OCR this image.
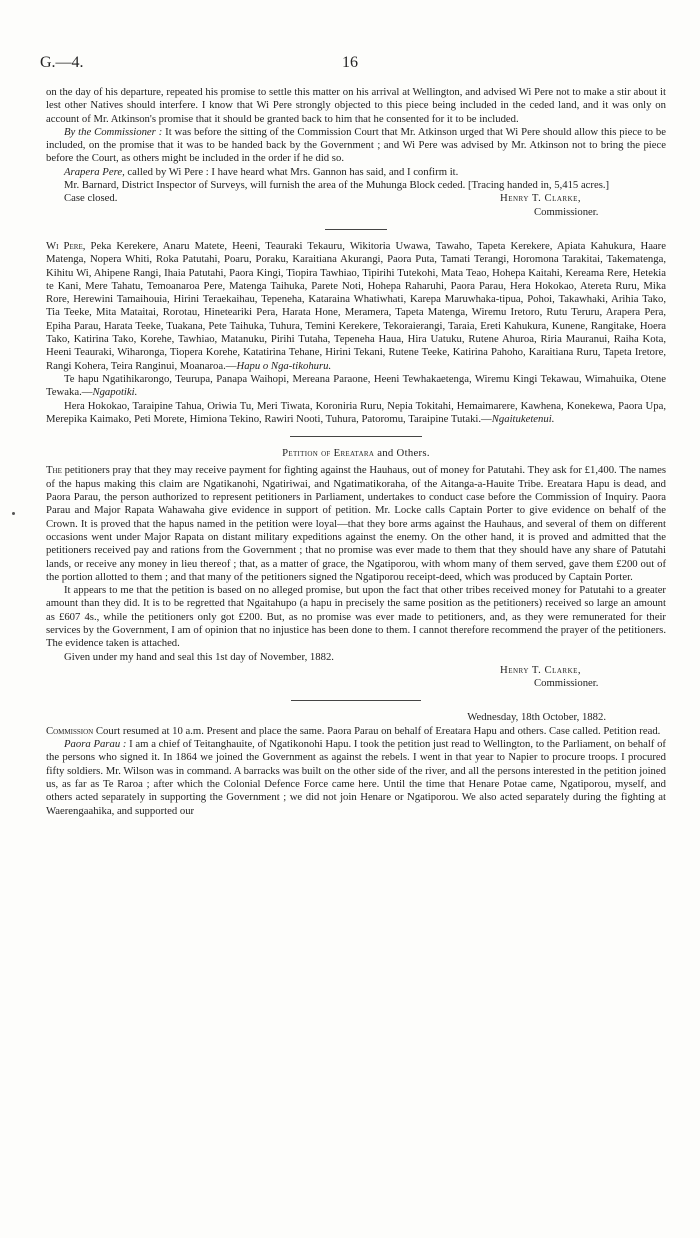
G.—4.	16

on the day of his departure, repeated his promise to settle this matter on his arrival at Wellington, and advised Wi Pere not to make a stir about it lest other Natives should interfere. I know that Wi Pere strongly objected to this piece being included in the ceded land, and it was only on account of Mr. Atkinson's promise that it should be granted back to him that he consented for it to be included.

By the Commissioner : It was before the sitting of the Commission Court that Mr. Atkinson urged that Wi Pere should allow this piece to be included, on the promise that it was to be handed back by the Government ; and Wi Pere was advised by Mr. Atkinson not to bring the piece before the Court, as others might be included in the order if he did so.

Arapera Pere, called by Wi Pere : I have heard what Mrs. Gannon has said, and I confirm it.

Mr. Barnard, District Inspector of Surveys, will furnish the area of the Muhunga Block ceded. [Tracing handed in, 5,415 acres.]

Case closed.	Henry T. Clarke,
Commissioner.

Wi Pere, Peka Kerekere, Anaru Matete, Heeni, Teauraki Tekauru, Wikitoria Uwawa, Tawaho, Tapeta Kerekere, Apiata Kahukura, Haare Matenga, Nopera Whiti, Roka Patutahi, Poaru, Poraku, Karaitiana Akurangi, Paora Puta, Tamati Terangi, Horomona Tarakitai, Takematenga, Kihitu Wi, Ahipene Rangi, Ihaia Patutahi, Paora Kingi, Tiopira Tawhiao, Tipirihi Tutekohi, Mata Teao, Hohepa Kaitahi, Kereama Rere, Hetekia te Kani, Mere Tahatu, Temoanaroa Pere, Matenga Taihuka, Parete Noti, Hohepa Raharuhi, Paora Parau, Hera Hokokao, Atereta Ruru, Mika Rore, Herewini Tamaihouia, Hirini Teraekaihau, Tepeneha, Kataraina Whatiwhati, Karepa Maruwhaka-tipua, Pohoi, Takawhaki, Arihia Tako, Tia Teeke, Mita Mataitai, Rorotau, Hineteariki Pera, Harata Hone, Meramera, Tapeta Matenga, Wiremu Iretoro, Rutu Teruru, Arapera Pera, Epiha Parau, Harata Teeke, Tuakana, Pete Taihuka, Tuhura, Temini Kerekere, Tekoraierangi, Taraia, Ereti Kahukura, Kunene, Rangitake, Hoera Tako, Katirina Tako, Korehe, Tawhiao, Matanuku, Pirihi Tutaha, Tepeneha Haua, Hira Uatuku, Rutene Ahuroa, Riria Mauranui, Raiha Kota, Heeni Teauraki, Wiharonga, Tiopera Korehe, Katatirina Tehane, Hirini Tekani, Rutene Teeke, Katirina Pahoho, Karaitiana Ruru, Tapeta Iretore, Rangi Kohera, Teira Ranginui, Moanaroa.—Hapu o Nga-tikohuru.

Te hapu Ngatihikarongo, Teurupa, Panapa Waihopi, Mereana Paraone, Heeni Tewhakaetenga, Wiremu Kingi Tekawau, Wimahuika, Otene Tewaka.—Ngapotiki.

Hera Hokokao, Taraipine Tahua, Oriwia Tu, Meri Tiwata, Koroniria Ruru, Nepia Tokitahi, Hemaimarere, Kawhena, Konekewa, Paora Upa, Merepika Kaimako, Peti Morete, Himiona Tekino, Rawiri Nooti, Tuhura, Patoromu, Taraipine Tutaki.—Ngaituketenui.

Petition of Ereatara and Others.

The petitioners pray that they may receive payment for fighting against the Hauhaus, out of money for Patutahi. They ask for £1,400. The names of the hapus making this claim are Ngatikanohi, Ngatiriwai, and Ngatimatikoraha, of the Aitanga-a-Hauite Tribe. Ereatara Hapu is dead, and Paora Parau, the person authorized to represent petitioners in Parliament, undertakes to conduct case before the Commission of Inquiry. Paora Parau and Major Rapata Wahawaha give evidence in support of petition. Mr. Locke calls Captain Porter to give evidence on behalf of the Crown. It is proved that the hapus named in the petition were loyal—that they bore arms against the Hauhaus, and several of them on different occasions went under Major Rapata on distant military expeditions against the enemy. On the other hand, it is proved and admitted that the petitioners received pay and rations from the Government ; that no promise was ever made to them that they should have any share of Patutahi lands, or receive any money in lieu thereof ; that, as a matter of grace, the Ngatiporou, with whom many of them served, gave them £200 out of the portion allotted to them ; and that many of the petitioners signed the Ngatiporou receipt-deed, which was produced by Captain Porter.

It appears to me that the petition is based on no alleged promise, but upon the fact that other tribes received money for Patutahi to a greater amount than they did. It is to be regretted that Ngaitahupo (a hapu in precisely the same position as the petitioners) received so large an amount as £607 4s., while the petitioners only got £200. But, as no promise was ever made to petitioners, and, as they were remunerated for their services by the Government, I am of opinion that no injustice has been done to them. I cannot therefore recommend the prayer of the petitioners. The evidence taken is attached.

Given under my hand and seal this 1st day of November, 1882.

Henry T. Clarke,
Commissioner.
Wednesday, 18th October, 1882.

Commission Court resumed at 10 a.m. Present and place the same. Paora Parau on behalf of Ereatara Hapu and others. Case called. Petition read.

Paora Parau : I am a chief of Teitanghauite, of Ngatikonohi Hapu. I took the petition just read to Wellington, to the Parliament, on behalf of the persons who signed it. In 1864 we joined the Government as against the rebels. I went in that year to Napier to procure troops. I procured fifty soldiers. Mr. Wilson was in command. A barracks was built on the other side of the river, and all the persons interested in the petition joined us, as far as Te Raroa ; after which the Colonial Defence Force came here. Until the time that Henare Potae came, Ngatiporou, myself, and others acted separately in supporting the Government ; we did not join Henare or Ngatiporou. We also acted separately during the fighting at Waerengaahika, and supported our
